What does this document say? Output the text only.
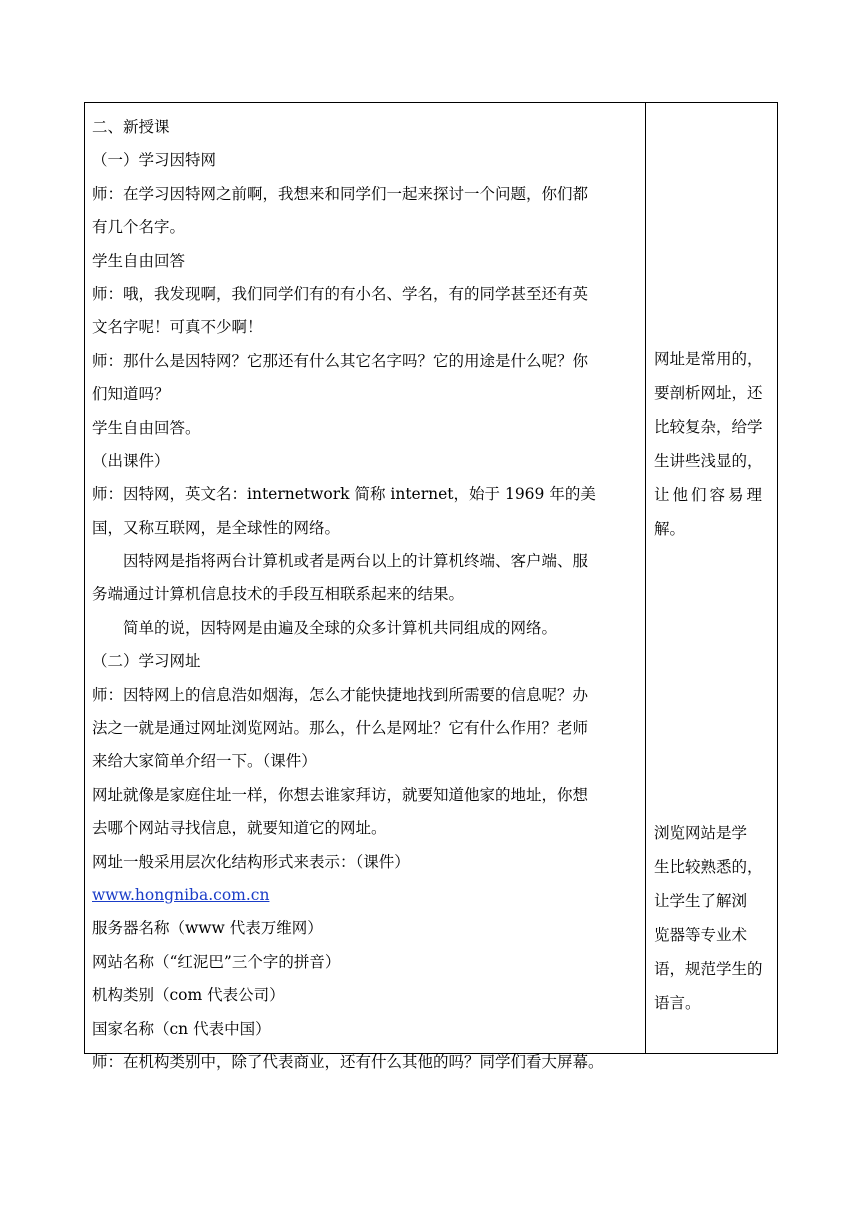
二、新授课
（一）学习因特网
师：在学习因特网之前啊，我想来和同学们一起来探讨一个问题，你们都
有几个名字。
学生自由回答
师：哦，我发现啊，我们同学们有的有小名、学名，有的同学甚至还有英
文名字呢！可真不少啊！
师：那什么是因特网？它那还有什么其它名字吗？它的用途是什么呢？你
们知道吗？
学生自由回答。
（出课件）
师：因特网，英文名：internetwork 简称 internet，始于 1969 年的美
国，又称互联网，是全球性的网络。
因特网是指将两台计算机或者是两台以上的计算机终端、客户端、服
务端通过计算机信息技术的手段互相联系起来的结果。
简单的说，因特网是由遍及全球的众多计算机共同组成的网络。
（二）学习网址
师：因特网上的信息浩如烟海，怎么才能快捷地找到所需要的信息呢？办
法之一就是通过网址浏览网站。那么，什么是网址？它有什么作用？老师
来给大家简单介绍一下。（课件）
网址就像是家庭住址一样，你想去谁家拜访，就要知道他家的地址，你想
去哪个网站寻找信息，就要知道它的网址。
网址一般采用层次化结构形式来表示：（课件）
www.hongniba.com.cn
服务器名称（www 代表万维网）
网站名称（“红泥巴”三个字的拼音）
机构类别（com 代表公司）
国家名称（cn 代表中国）
师：在机构类别中，除了代表商业，还有什么其他的吗？同学们看大屏幕。
网址是常用的，
要剖析网址，还
比较复杂，给学
生讲些浅显的，
让他们容易理
解。
浏览网站是学
生比较熟悉的，
让学生了解浏
览器等专业术
语，规范学生的
语言。
